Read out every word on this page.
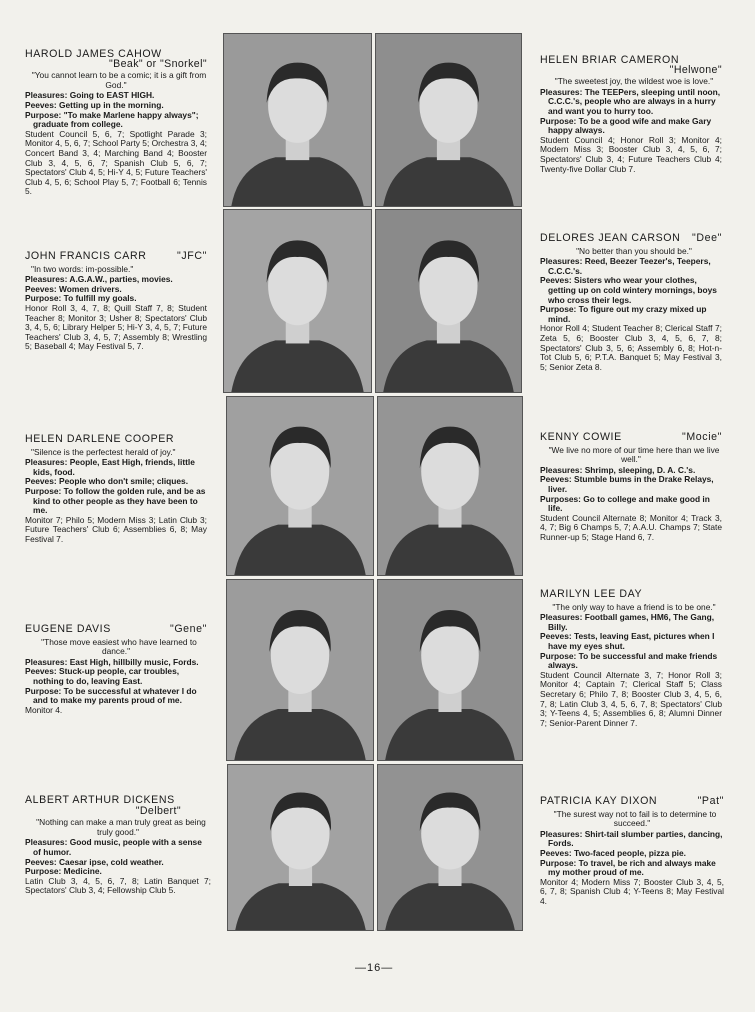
HAROLD JAMES CAHOW
"Beak" or "Snorkel"
"You cannot learn to be a comic; it is a gift from God."
Pleasures: Going to EAST HIGH.
Peeves: Getting up in the morning.
Purpose: "To make Marlene happy always"; graduate from college.
Student Council 5, 6, 7; Spotlight Parade 3; Monitor 4, 5, 6, 7; School Party 5; Orchestra 3, 4; Concert Band 3, 4; Marching Band 4; Booster Club 3, 4, 5, 6, 7; Spanish Club 5, 6, 7; Spectators' Club 4, 5; Hi-Y 4, 5; Future Teachers' Club 4, 5, 6; School Play 5, 7; Football 6; Tennis 5.
HELEN BRIAR CAMERON
"Helwone"
"The sweetest joy, the wildest woe is love."
Pleasures: The TEEPers, sleeping until noon, C.C.C.'s, people who are always in a hurry and want you to hurry too.
Purpose: To be a good wife and make Gary happy always.
Student Council 4; Honor Roll 3; Monitor 4; Modern Miss 3; Booster Club 3, 4, 5, 6, 7; Spectators' Club 3, 4; Future Teachers Club 4; Twenty-five Dollar Club 7.
JOHN FRANCIS CARR	"JFC"
"In two words: im-possible."
Pleasures: A.G.A.W., parties, movies.
Peeves: Women drivers.
Purpose: To fulfill my goals.
Honor Roll 3, 4, 7, 8; Quill Staff 7, 8; Student Teacher 8; Monitor 3; Usher 8; Spectators' Club 3, 4, 5, 6; Library Helper 5; Hi-Y 3, 4, 5, 7; Future Teachers' Club 3, 4, 5, 7; Assembly 8; Wrestling 5; Baseball 4; May Festival 5, 7.
DELORES JEAN CARSON "Dee"
"No better than you should be."
Pleasures: Reed, Beezer Teezer's, Teepers, C.C.C.'s.
Peeves: Sisters who wear your clothes, getting up on cold wintery mornings, boys who cross their legs.
Purpose: To figure out my crazy mixed up mind.
Honor Roll 4; Student Teacher 8; Clerical Staff 7; Zeta 5, 6; Booster Club 3, 4, 5, 6, 7, 8; Spectators' Club 3, 5, 6; Assembly 6, 8; Hot-n-Tot Club 5, 6; P.T.A. Banquet 5; May Festival 3, 5; Senior Zeta 8.
HELEN DARLENE COOPER
"Silence is the perfectest herald of joy."
Pleasures: People, East High, friends, little kids, food.
Peeves: People who don't smile; cliques.
Purpose: To follow the golden rule, and be as kind to other people as they have been to me.
Monitor 7; Philo 5; Modern Miss 3; Latin Club 3; Future Teachers' Club 6; Assemblies 6, 8; May Festival 7.
KENNY COWIE	"Mocie"
"We live no more of our time here than we live well."
Pleasures: Shrimp, sleeping, D. A. C.'s.
Peeves: Stumble bums in the Drake Relays, liver.
Purposes: Go to college and make good in life.
Student Council Alternate 8; Monitor 4; Track 3, 4, 7; Big 6 Champs 5, 7; A.A.U. Champs 7; State Runner-up 5; Stage Hand 6, 7.
EUGENE DAVIS	"Gene"
"Those move easiest who have learned to dance."
Pleasures: East High, hillbilly music, Fords.
Peeves: Stuck-up people, car troubles, nothing to do, leaving East.
Purpose: To be successful at whatever I do and to make my parents proud of me.
Monitor 4.
MARILYN LEE DAY
"The only way to have a friend is to be one."
Pleasures: Football games, HM6, The Gang, Billy.
Peeves: Tests, leaving East, pictures when I have my eyes shut.
Purpose: To be successful and make friends always.
Student Council Alternate 3, 7; Honor Roll 3; Monitor 4; Captain 7; Clerical Staff 5; Class Secretary 6; Philo 7, 8; Booster Club 3, 4, 5, 6, 7, 8; Latin Club 3, 4, 5, 6, 7, 8; Spectators' Club 3; Y-Teens 4, 5; Assemblies 6, 8; Alumni Dinner 7; Senior-Parent Dinner 7.
ALBERT ARTHUR DICKENS
"Delbert"
"Nothing can make a man truly great as being truly good."
Pleasures: Good music, people with a sense of humor.
Peeves: Caesar ipse, cold weather.
Purpose: Medicine.
Latin Club 3, 4, 5, 6, 7, 8; Latin Banquet 7; Spectators' Club 3, 4; Fellowship Club 5.
PATRICIA KAY DIXON	"Pat"
"The surest way not to fail is to determine to succeed."
Pleasures: Shirt-tail slumber parties, dancing, Fords.
Peeves: Two-faced people, pizza pie.
Purpose: To travel, be rich and always make my mother proud of me.
Monitor 4; Modern Miss 7; Booster Club 3, 4, 5, 6, 7, 8; Spanish Club 4; Y-Teens 8; May Festival 4.
—16—
